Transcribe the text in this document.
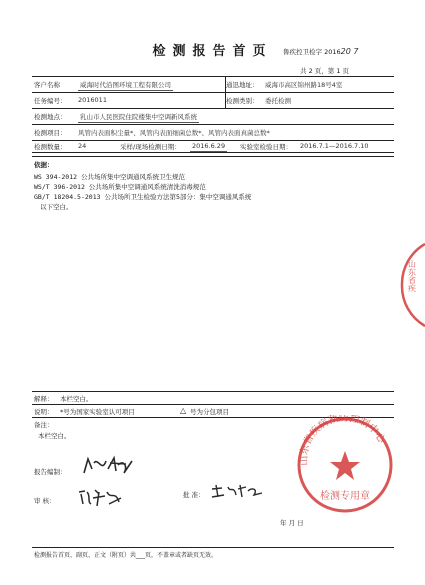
检测报告首页	鲁疾控卫检字 201620 7
共 2 页，第 1 页
客户名称	威海时代沿图环境工程有限公司	通迅地址： 威海市高区锦州路18号4室
任务编号： 2016011	检测类别： 委托检测
检测地点：	乳山市人民医院住院楼集中空调新风系统
检测项目： 风管内表面积尘量*、风管内表面细菌总数*、风管内表面真菌总数*
检测数量： 24	采样/现场检测日期：	2016.6.29	实验室检验日期： 2016.7.1—2016.7.10
依据：
WS 394-2012 公共场所集中空调通风系统卫生规范
WS/T 396-2012 公共场所集中空调通风系统清洗消毒规范
GB/T 18204.5-2013 公共场所卫生检验方法第5部分：集中空调通风系统
以下空白。
解释： 本栏空白。
说明： *号为国家实验室认可项目	△ 号为分包项目
备注：
本栏空白。
报告编制：
审 核：
批 准：
年 月 日
检测报告首页、副页、正文（附页）共___页，不盖章或者缺页无效。
山东省疾病预防控制中心
检测专用章
山东省疾
